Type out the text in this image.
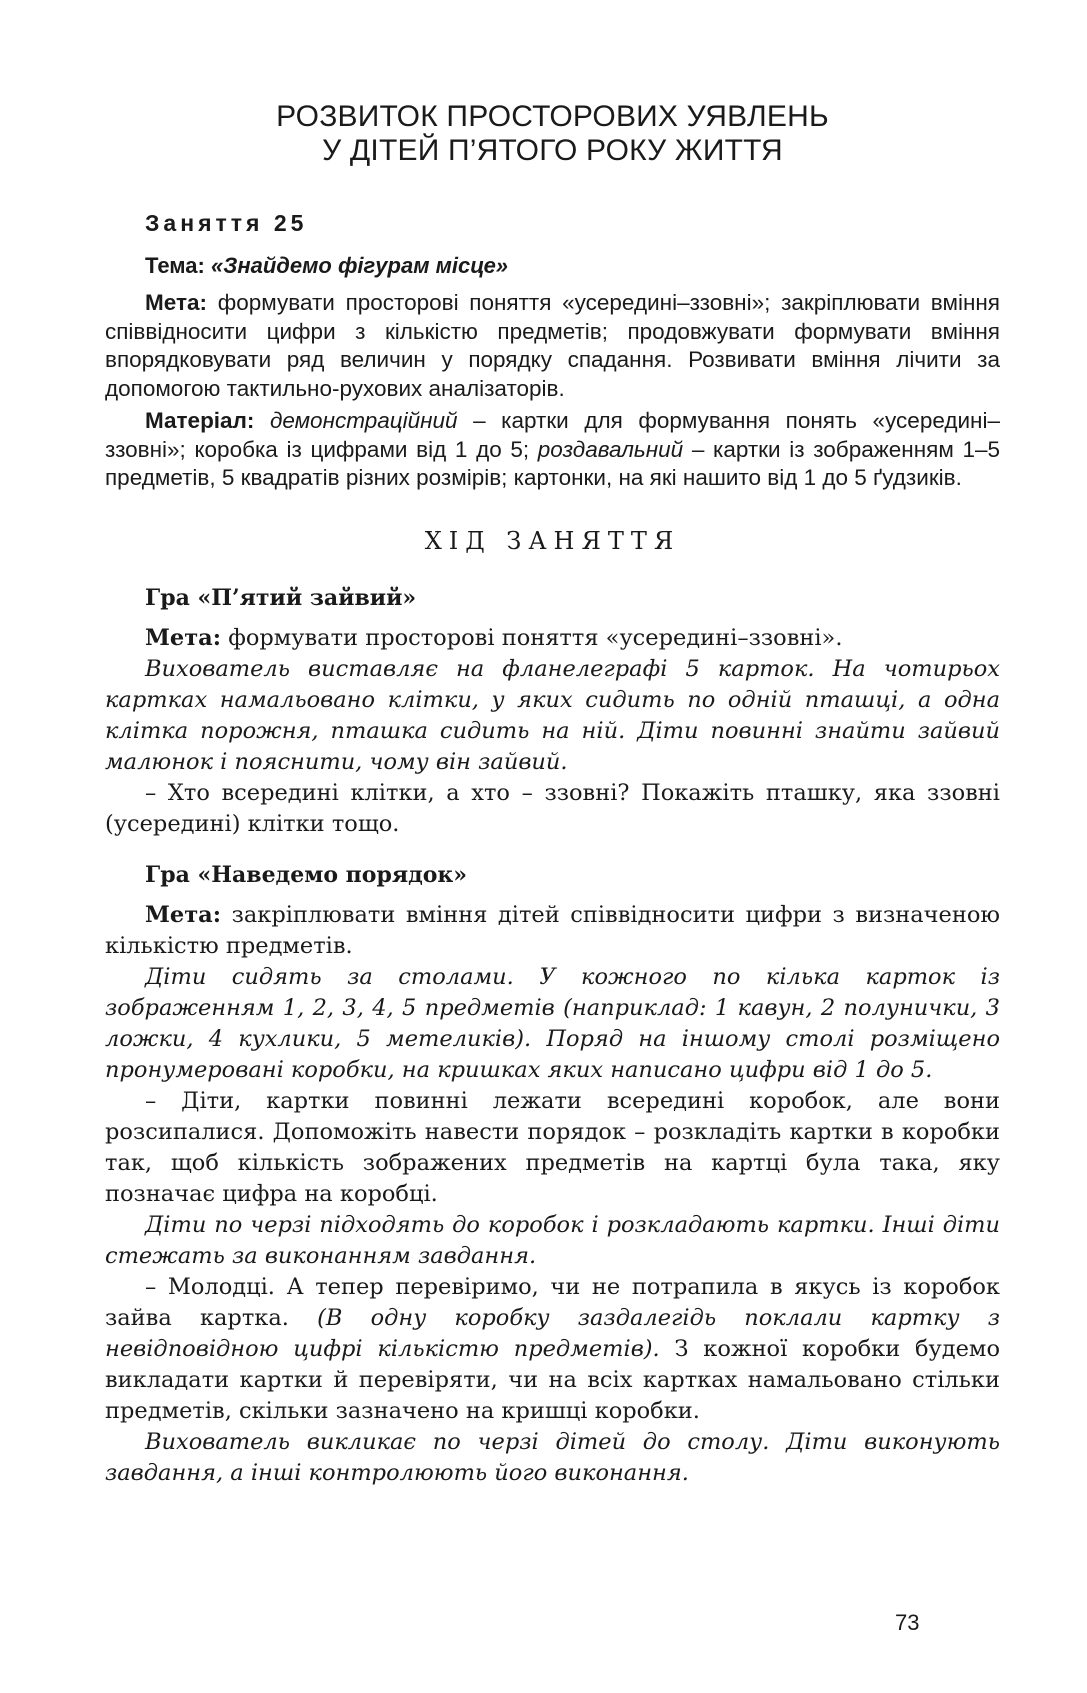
РОЗВИТОК ПРОСТОРОВИХ УЯВЛЕНЬ
У ДІТЕЙ П’ЯТОГО РОКУ ЖИТТЯ
Заняття 25
Тема: «Знайдемо фігурам місце»

Мета: формувати просторові поняття «усередині–ззовні»; закріплювати вміння співвідносити цифри з кількістю предметів; продовжувати формувати вміння впорядковувати ряд величин у порядку спадання. Розвивати вміння лічити за допомогою тактильно-рухових аналізаторів.

Матеріал: демонстраційний – картки для формування понять «усередині–ззовні»; коробка із цифрами від 1 до 5; роздавальний – картки із зображенням 1–5 предметів, 5 квадратів різних розмірів; картонки, на які нашито від 1 до 5 ґудзиків.

ХІД ЗАНЯТТЯ
Гра «П’ятий зайвий»

Мета: формувати просторові поняття «усередині–ззовні».

Вихователь виставляє на фланелеграфі 5 карток. На чотирьох картках намальовано клітки, у яких сидить по одній пташці, а одна клітка порожня, пташка сидить на ній. Діти повинні знайти зайвий малюнок і пояснити, чому він зайвий.

– Хто всередині клітки, а хто – ззовні? Покажіть пташку, яка ззовні (усередині) клітки тощо.

Гра «Наведемо порядок»

Мета: закріплювати вміння дітей співвідносити цифри з визначеною кількістю предметів.

Діти сидять за столами. У кожного по кілька карток із зображенням 1, 2, 3, 4, 5 предметів (наприклад: 1 кавун, 2 полунички, 3 ложки, 4 кухлики, 5 метеликів). Поряд на іншому столі розміщено пронумеровані коробки, на кришках яких написано цифри від 1 до 5.

– Діти, картки повинні лежати всередині коробок, але вони розсипалися. Допоможіть навести порядок – розкладіть картки в коробки так, щоб кількість зображених предметів на картці була така, яку позначає цифра на коробці.

Діти по черзі підходять до коробок і розкладають картки. Інші діти стежать за виконанням завдання.

– Молодці. А тепер перевіримо, чи не потрапила в якусь із коробок зайва картка. (В одну коробку заздалегідь поклали картку з невідповідною цифрі кількістю предметів). З кожної коробки будемо викладати картки й перевіряти, чи на всіх картках намальовано стільки предметів, скільки зазначено на кришці коробки.

Вихователь викликає по черзі дітей до столу. Діти виконують завдання, а інші контролюють його виконання.

73
